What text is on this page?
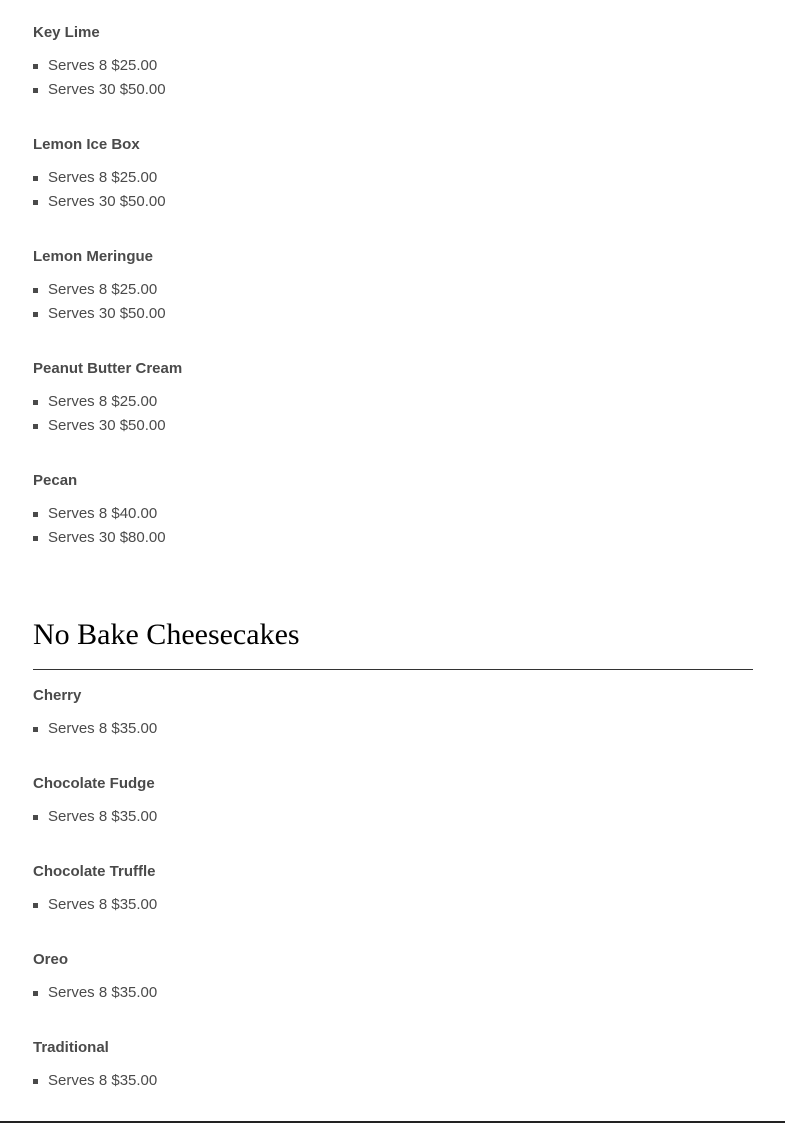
Key Lime
Serves 8 $25.00
Serves 30 $50.00
Lemon Ice Box
Serves 8 $25.00
Serves 30 $50.00
Lemon Meringue
Serves 8 $25.00
Serves 30 $50.00
Peanut Butter Cream
Serves 8 $25.00
Serves 30 $50.00
Pecan
Serves 8 $40.00
Serves 30 $80.00
No Bake Cheesecakes
Cherry
Serves 8 $35.00
Chocolate Fudge
Serves 8 $35.00
Chocolate Truffle
Serves 8 $35.00
Oreo
Serves 8 $35.00
Traditional
Serves 8 $35.00
